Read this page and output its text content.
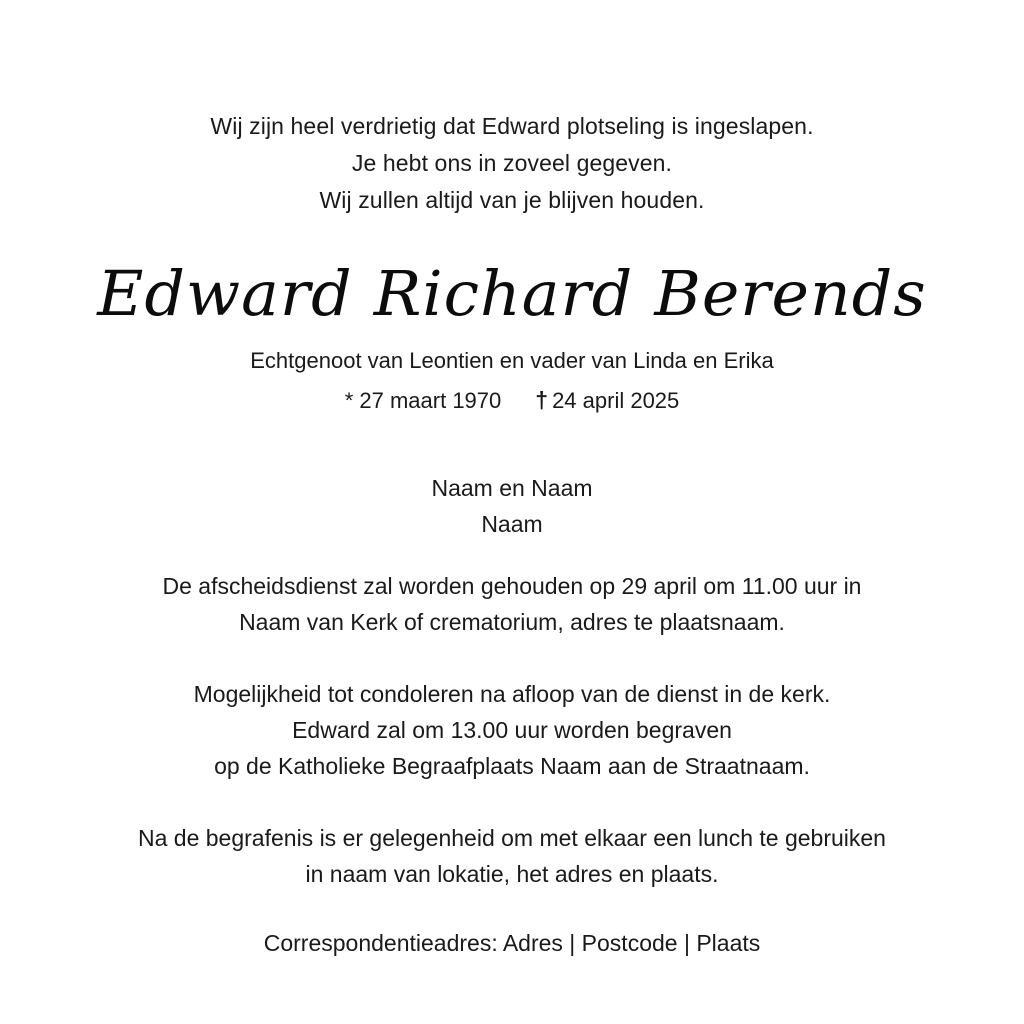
Wij zijn heel verdrietig dat Edward plotseling is ingeslapen.
Je hebt ons in zoveel gegeven.
Wij zullen altijd van je blijven houden.
Edward Richard Berends
Echtgenoot van Leontien en vader van Linda en Erika
* 27 maart 1970 † 24 april 2025
Naam en Naam
Naam
De afscheidsdienst zal worden gehouden op 29 april om 11.00 uur in
Naam van Kerk of crematorium, adres te plaatsnaam.
Mogelijkheid tot condoleren na afloop van de dienst in de kerk.
Edward zal om 13.00 uur worden begraven
op de Katholieke Begraafplaats Naam aan de Straatnaam.
Na de begrafenis is er gelegenheid om met elkaar een lunch te gebruiken
in naam van lokatie, het adres en plaats.
Correspondentieadres: Adres | Postcode | Plaats
